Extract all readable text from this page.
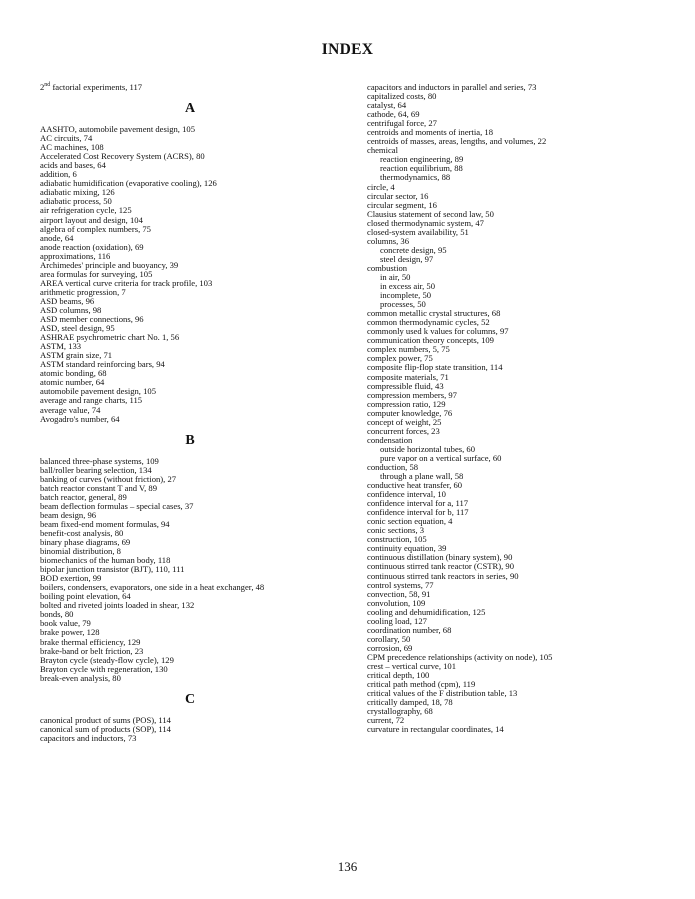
INDEX
2nd factorial experiments, 117
A
AASHTO, automobile pavement design, 105
AC circuits, 74
AC machines, 108
Accelerated Cost Recovery System (ACRS), 80
acids and bases, 64
addition, 6
adiabatic humidification (evaporative cooling), 126
adiabatic mixing, 126
adiabatic process, 50
air refrigeration cycle, 125
airport layout and design, 104
algebra of complex numbers, 75
anode, 64
anode reaction (oxidation), 69
approximations, 116
Archimedes' principle and buoyancy, 39
area formulas for surveying, 105
AREA vertical curve criteria for track profile, 103
arithmetic progression, 7
ASD beams, 96
ASD columns, 98
ASD member connections, 96
ASD, steel design, 95
ASHRAE psychrometric chart No. 1, 56
ASTM, 133
ASTM grain size, 71
ASTM standard reinforcing bars, 94
atomic bonding, 68
atomic number, 64
automobile pavement design, 105
average and range charts, 115
average value, 74
Avogadro's number, 64
B
balanced three-phase systems, 109
ball/roller bearing selection, 134
banking of curves (without friction), 27
batch reactor constant T and V, 89
batch reactor, general, 89
beam deflection formulas – special cases, 37
beam design, 96
beam fixed-end moment formulas, 94
benefit-cost analysis, 80
binary phase diagrams, 69
binomial distribution, 8
biomechanics of the human body, 118
bipolar junction transistor (BJT), 110, 111
BOD exertion, 99
boilers, condensers, evaporators, one side in a heat exchanger, 48
boiling point elevation, 64
bolted and riveted joints loaded in shear, 132
bonds, 80
book value, 79
brake power, 128
brake thermal efficiency, 129
brake-band or belt friction, 23
Brayton cycle (steady-flow cycle), 129
Brayton cycle with regeneration, 130
break-even analysis, 80
C
canonical product of sums (POS), 114
canonical sum of products (SOP), 114
capacitors and inductors, 73
capacitors and inductors in parallel and series, 73
capitalized costs, 80
catalyst, 64
cathode, 64, 69
centrifugal force, 27
centroids and moments of inertia, 18
centroids of masses, areas, lengths, and volumes, 22
chemical
reaction engineering, 89
reaction equilibrium, 88
thermodynamics, 88
circle, 4
circular sector, 16
circular segment, 16
Clausius statement of second law, 50
closed thermodynamic system, 47
closed-system availability, 51
columns, 36
concrete design, 95
steel design, 97
combustion
in air, 50
in excess air, 50
incomplete, 50
processes, 50
common metallic crystal structures, 68
common thermodynamic cycles, 52
commonly used k values for columns, 97
communication theory concepts, 109
complex numbers, 5, 75
complex power, 75
composite flip-flop state transition, 114
composite materials, 71
compressible fluid, 43
compression members, 97
compression ratio, 129
computer knowledge, 76
concept of weight, 25
concurrent forces, 23
condensation
outside horizontal tubes, 60
pure vapor on a vertical surface, 60
conduction, 58
through a plane wall, 58
conductive heat transfer, 60
confidence interval, 10
confidence interval for a, 117
confidence interval for b, 117
conic section equation, 4
conic sections, 3
construction, 105
continuity equation, 39
continuous distillation (binary system), 90
continuous stirred tank reactor (CSTR), 90
continuous stirred tank reactors in series, 90
control systems, 77
convection, 58, 91
convolution, 109
cooling and dehumidification, 125
cooling load, 127
coordination number, 68
corollary, 50
corrosion, 69
CPM precedence relationships (activity on node), 105
crest – vertical curve, 101
critical depth, 100
critical path method (cpm), 119
critical values of the F distribution table, 13
critically damped, 18, 78
crystallography, 68
current, 72
curvature in rectangular coordinates, 14
136
